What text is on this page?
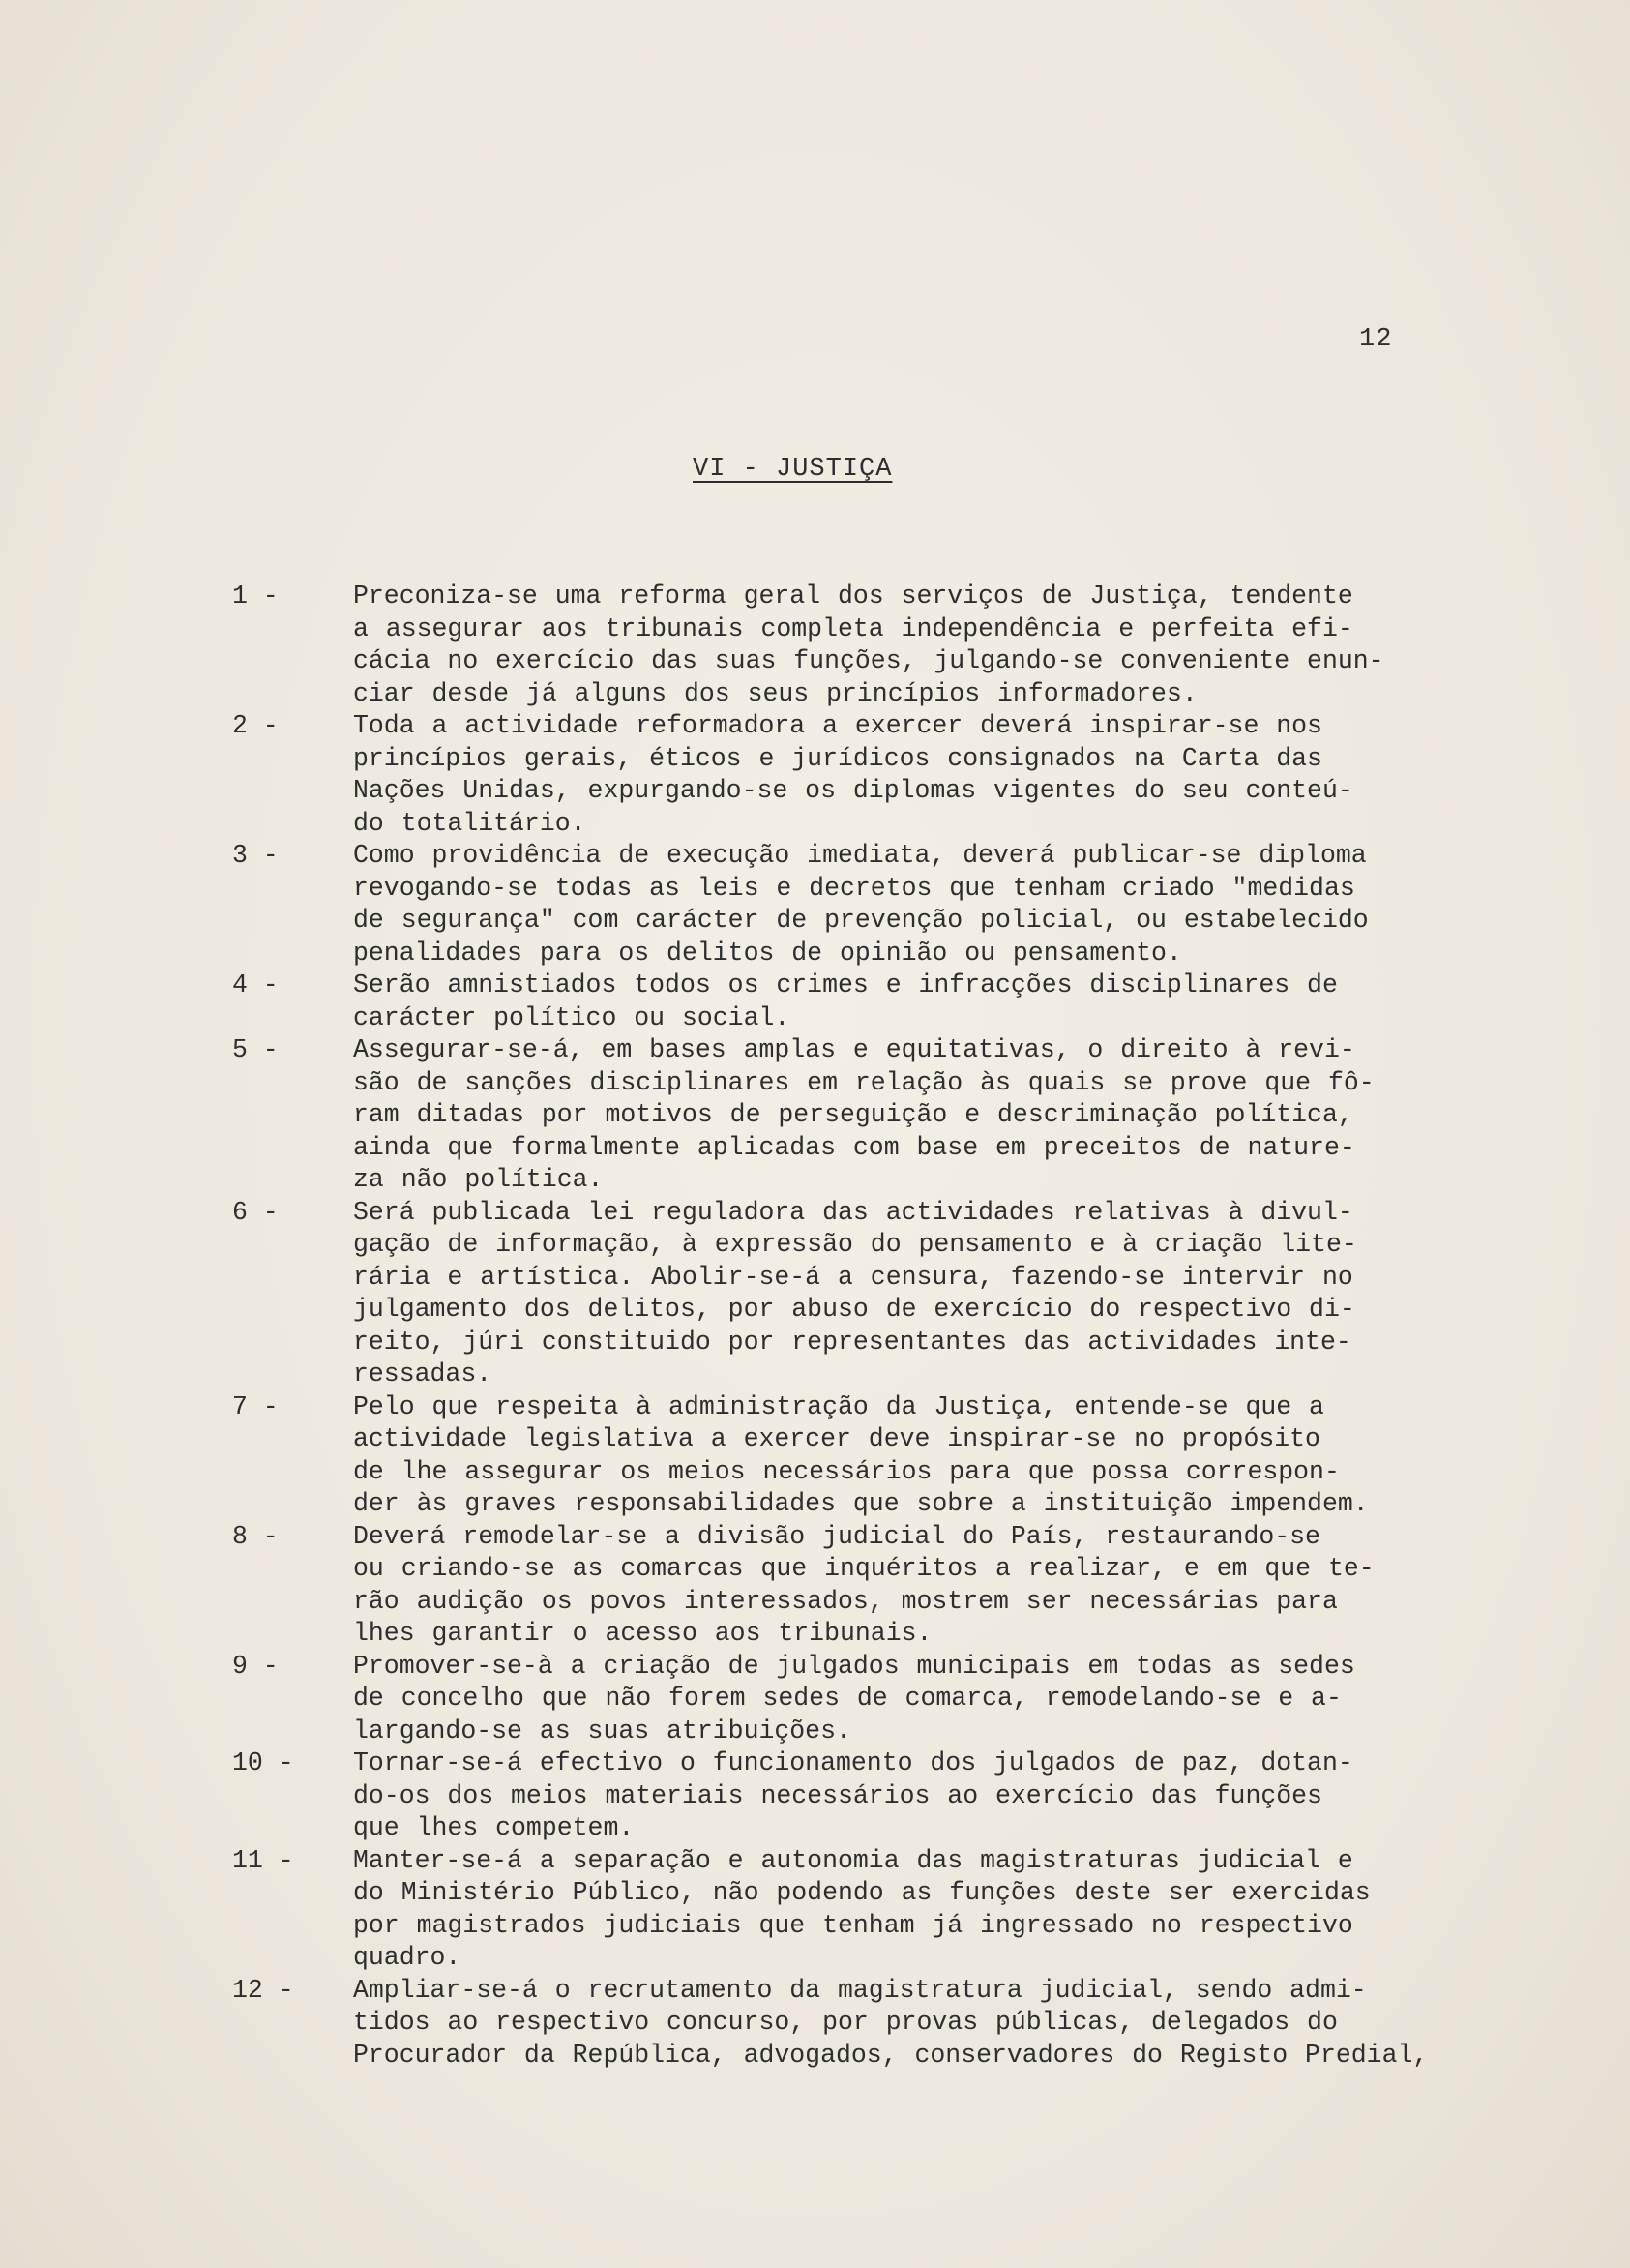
12
VI - JUSTIÇA
1 -	Preconiza-se uma reforma geral dos serviços de Justiça, tendente
a assegurar aos tribunais completa independência e perfeita efi-
cácia no exercício das suas funções, julgando-se conveniente enun-
ciar desde já alguns dos seus princípios informadores.
2 -	Toda a actividade reformadora a exercer deverá inspirar-se nos
princípios gerais, éticos e jurídicos consignados na Carta das
Nações Unidas, expurgando-se os diplomas vigentes do seu conteú-
do totalitário.
3 -	Como providência de execução imediata, deverá publicar-se diploma
revogando-se todas as leis e decretos que tenham criado "medidas
de segurança" com carácter de prevenção policial, ou estabelecido
penalidades para os delitos de opinião ou pensamento.
4 -	Serão amnistiados todos os crimes e infracções disciplinares de
carácter político ou social.
5 -	Assegurar-se-á, em bases amplas e equitativas, o direito à revi-
são de sanções disciplinares em relação às quais se prove que fô-
ram ditadas por motivos de perseguição e descriminação política,
ainda que formalmente aplicadas com base em preceitos de nature-
za não política.
6 -	Será publicada lei reguladora das actividades relativas à divul-
gação de informação, à expressão do pensamento e à criação lite-
rária e artística. Abolir-se-á a censura, fazendo-se intervir no
julgamento dos delitos, por abuso de exercício do respectivo di-
reito, júri constituido por representantes das actividades inte-
ressadas.
7 -	Pelo que respeita à administração da Justiça, entende-se que a
actividade legislativa a exercer deve inspirar-se no propósito
de lhe assegurar os meios necessários para que possa correspon-
der às graves responsabilidades que sobre a instituição impendem.
8 -	Deverá remodelar-se a divisão judicial do País, restaurando-se
ou criando-se as comarcas que inquéritos a realizar, e em que te-
rão audição os povos interessados, mostrem ser necessárias para
lhes garantir o acesso aos tribunais.
9 -	Promover-se-à a criação de julgados municipais em todas as sedes
de concelho que não forem sedes de comarca, remodelando-se e a-
largando-se as suas atribuições.
10 -	Tornar-se-á efectivo o funcionamento dos julgados de paz, dotan-
do-os dos meios materiais necessários ao exercício das funções
que lhes competem.
11 -	Manter-se-á a separação e autonomia das magistraturas judicial e
do Ministério Público, não podendo as funções deste ser exercidas
por magistrados judiciais que tenham já ingressado no respectivo
quadro.
12 -	Ampliar-se-á o recrutamento da magistratura judicial, sendo admi-
tidos ao respectivo concurso, por provas públicas, delegados do
Procurador da República, advogados, conservadores do Registo Predial,
